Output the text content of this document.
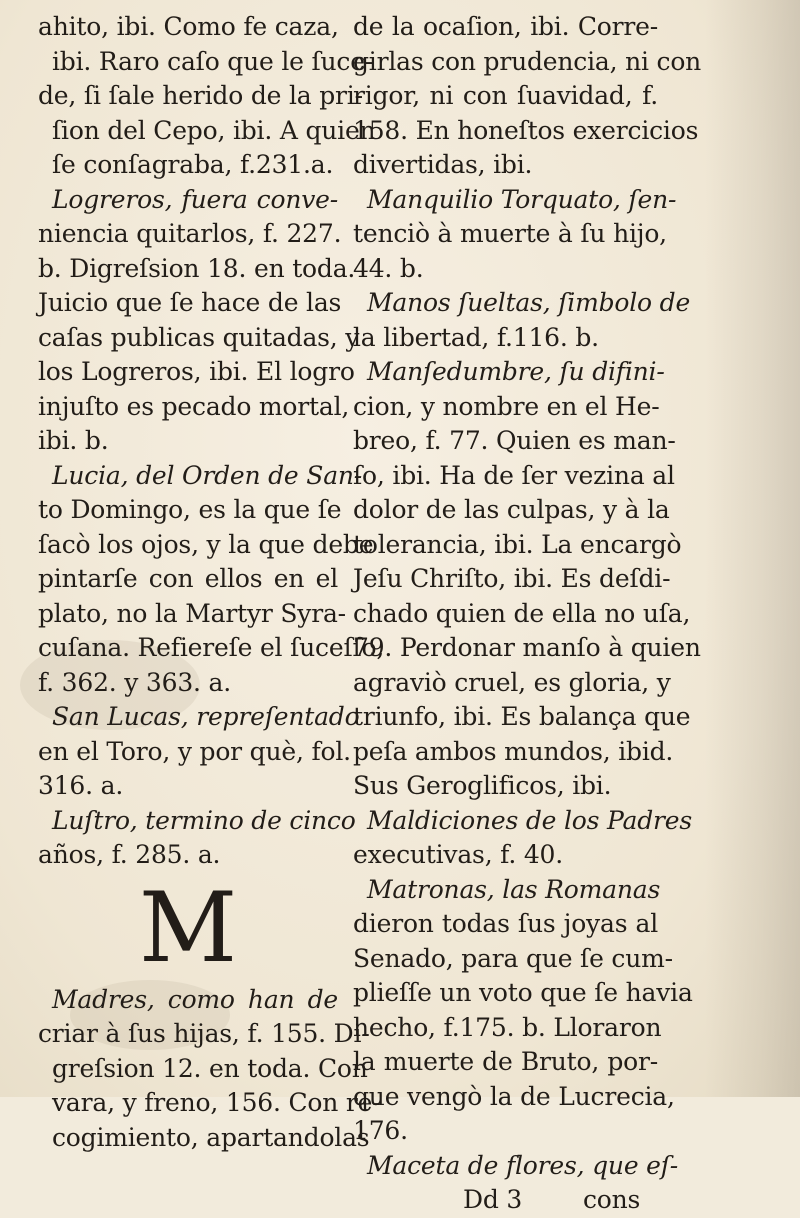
ahito, ibi. Como fe caza,
ibi. Raro caſo que le ſuce-
de, ſi ſale herido de la pri-
ſion del Cepo, ibi. A quien
ſe conſagraba, f.231.a.
Logreros, fuera conve-
niencia quitarlos, f. 227.
b. Digreſsion 18. en toda.
Juicio que ſe hace de las
caſas publicas quitadas, y
los Logreros, ibi. El logro
injuſto es pecado mortal,
ibi. b.
Lucia, del Orden de San-
to Domingo, es la que ſe
ſacò los ojos, y la que debe
pintarſe con ellos en el
plato, no la Martyr Syra-
cuſana. Refiereſe el ſuceſſo,
f. 362. y 363. a.
San Lucas, repreſentado
en el Toro, y por què, fol.
316. a.
Luſtro, termino de cinco
años, f. 285. a.
M
Madres, como han de
criar à ſus hijas, f. 155. Di-
greſsion 12. en toda. Con
vara, y freno, 156. Con re-
cogimiento, apartandolas
de la ocaſion, ibi. Corre-
girlas con prudencia, ni con
rigor, ni con ſuavidad, f.
158. En honeſtos exercicios
divertidas, ibi.
Manquilio Torquato, ſen-
tenciò à muerte à ſu hijo,
44. b.
Manos ſueltas, ſimbolo de
la libertad, f.116. b.
Manſedumbre, ſu difini-
cion, y nombre en el He-
breo, f. 77. Quien es man-
ſo, ibi. Ha de ſer vezina al
dolor de las culpas, y à la
tolerancia, ibi. La encargò
Jeſu Chriſto, ibi. Es deſdi-
chado quien de ella no uſa,
79. Perdonar manſo à quien
agraviò cruel, es gloria, y
triunfo, ibi. Es balança que
peſa ambos mundos, ibid.
Sus Geroglificos, ibi.
Maldiciones de los Padres
executivas, f. 40.
Matronas, las Romanas
dieron todas ſus joyas al
Senado, para que ſe cum-
plieſſe un voto que ſe havia
hecho, f.175. b. Lloraron
la muerte de Bruto, por-
que vengò la de Lucrecia,
176.
Maceta de flores, que eſ-
Dd 3 cons
